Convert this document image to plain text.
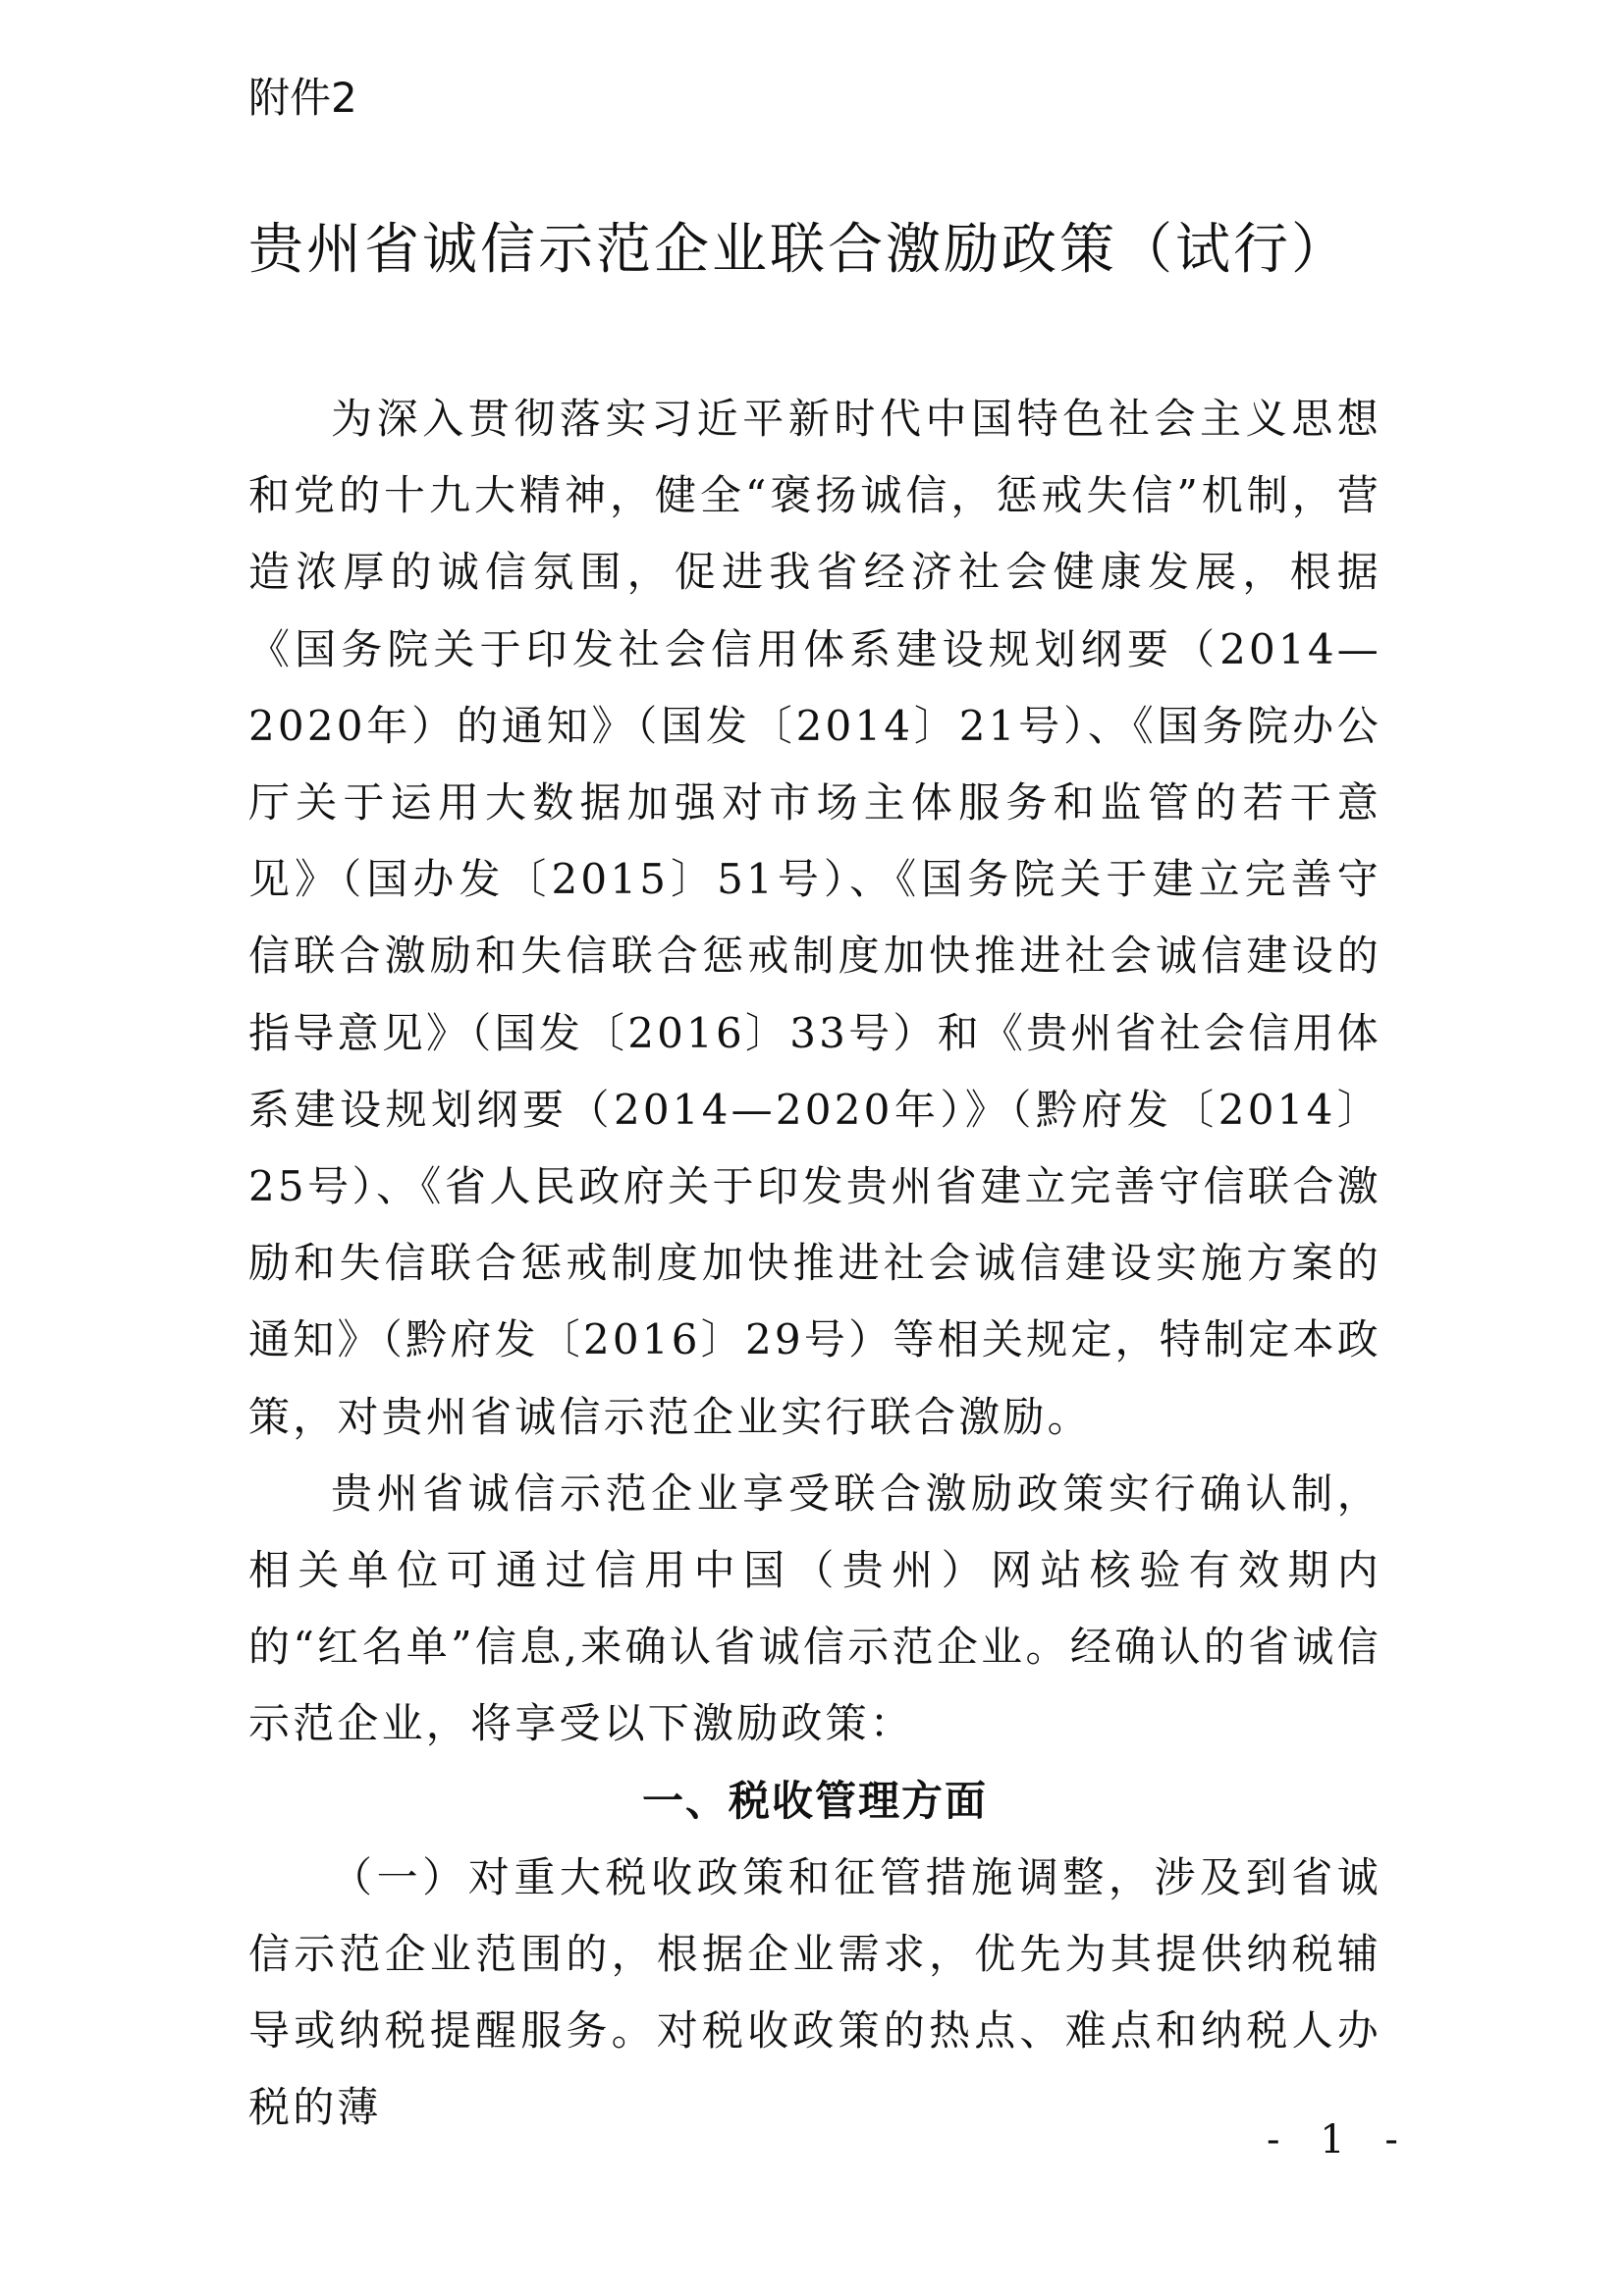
附件2
贵州省诚信示范企业联合激励政策（试行）

为深入贯彻落实习近平新时代中国特色社会主义思想和党的十九大精神，健全“褒扬诚信，惩戒失信”机制，营造浓厚的诚信氛围，促进我省经济社会健康发展，根据《国务院关于印发社会信用体系建设规划纲要（2014—2020年）的通知》（国发〔2014〕21号）、《国务院办公厅关于运用大数据加强对市场主体服务和监管的若干意见》（国办发〔2015〕51号）、《国务院关于建立完善守信联合激励和失信联合惩戒制度加快推进社会诚信建设的指导意见》（国发〔2016〕33号）和《贵州省社会信用体系建设规划纲要（2014—2020年）》（黔府发〔2014〕25号）、《省人民政府关于印发贵州省建立完善守信联合激励和失信联合惩戒制度加快推进社会诚信建设实施方案的通知》（黔府发〔2016〕29号）等相关规定，特制定本政策，对贵州省诚信示范企业实行联合激励。

贵州省诚信示范企业享受联合激励政策实行确认制，相关单位可通过信用中国（贵州）网站核验有效期内的“红名单”信息,来确认省诚信示范企业。经确认的省诚信示范企业，将享受以下激励政策：

一、税收管理方面

（一）对重大税收政策和征管措施调整，涉及到省诚信示范企业范围的，根据企业需求，优先为其提供纳税辅导或纳税提醒服务。对税收政策的热点、难点和纳税人办税的薄

- 1 -
